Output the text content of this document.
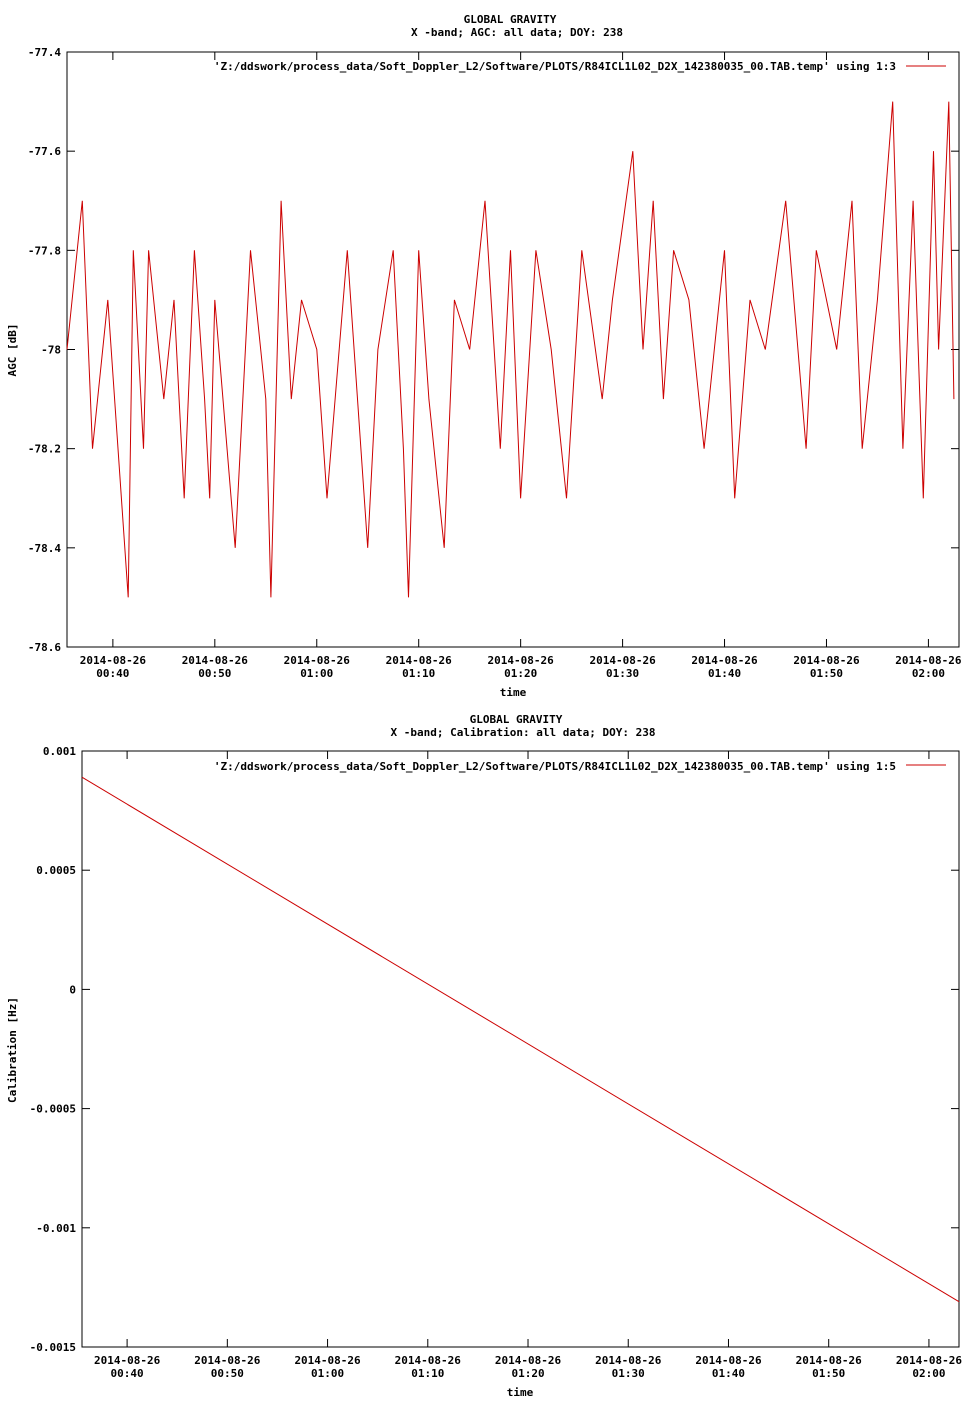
GLOBAL GRAVITY
X -band; AGC: all data; DOY: 238
-77.4
-77.6
-77.8
-78
-78.2
-78.4
-78.6
2014-08-26
00:40
2014-08-26
00:50
2014-08-26
01:00
2014-08-26
01:10
2014-08-26
01:20
2014-08-26
01:30
2014-08-26
01:40
2014-08-26
01:50
2014-08-26
02:00
AGC [dB]
time
'Z:/ddswork/process_data/Soft_Doppler_L2/Software/PLOTS/R84ICL1L02_D2X_142380035_00.TAB.temp' using 1:3
GLOBAL GRAVITY
X -band; Calibration: all data; DOY: 238
0.001
0.0005
0
-0.0005
-0.001
-0.0015
2014-08-26
00:40
2014-08-26
00:50
2014-08-26
01:00
2014-08-26
01:10
2014-08-26
01:20
2014-08-26
01:30
2014-08-26
01:40
2014-08-26
01:50
2014-08-26
02:00
Calibration [Hz]
time
'Z:/ddswork/process_data/Soft_Doppler_L2/Software/PLOTS/R84ICL1L02_D2X_142380035_00.TAB.temp' using 1:5
